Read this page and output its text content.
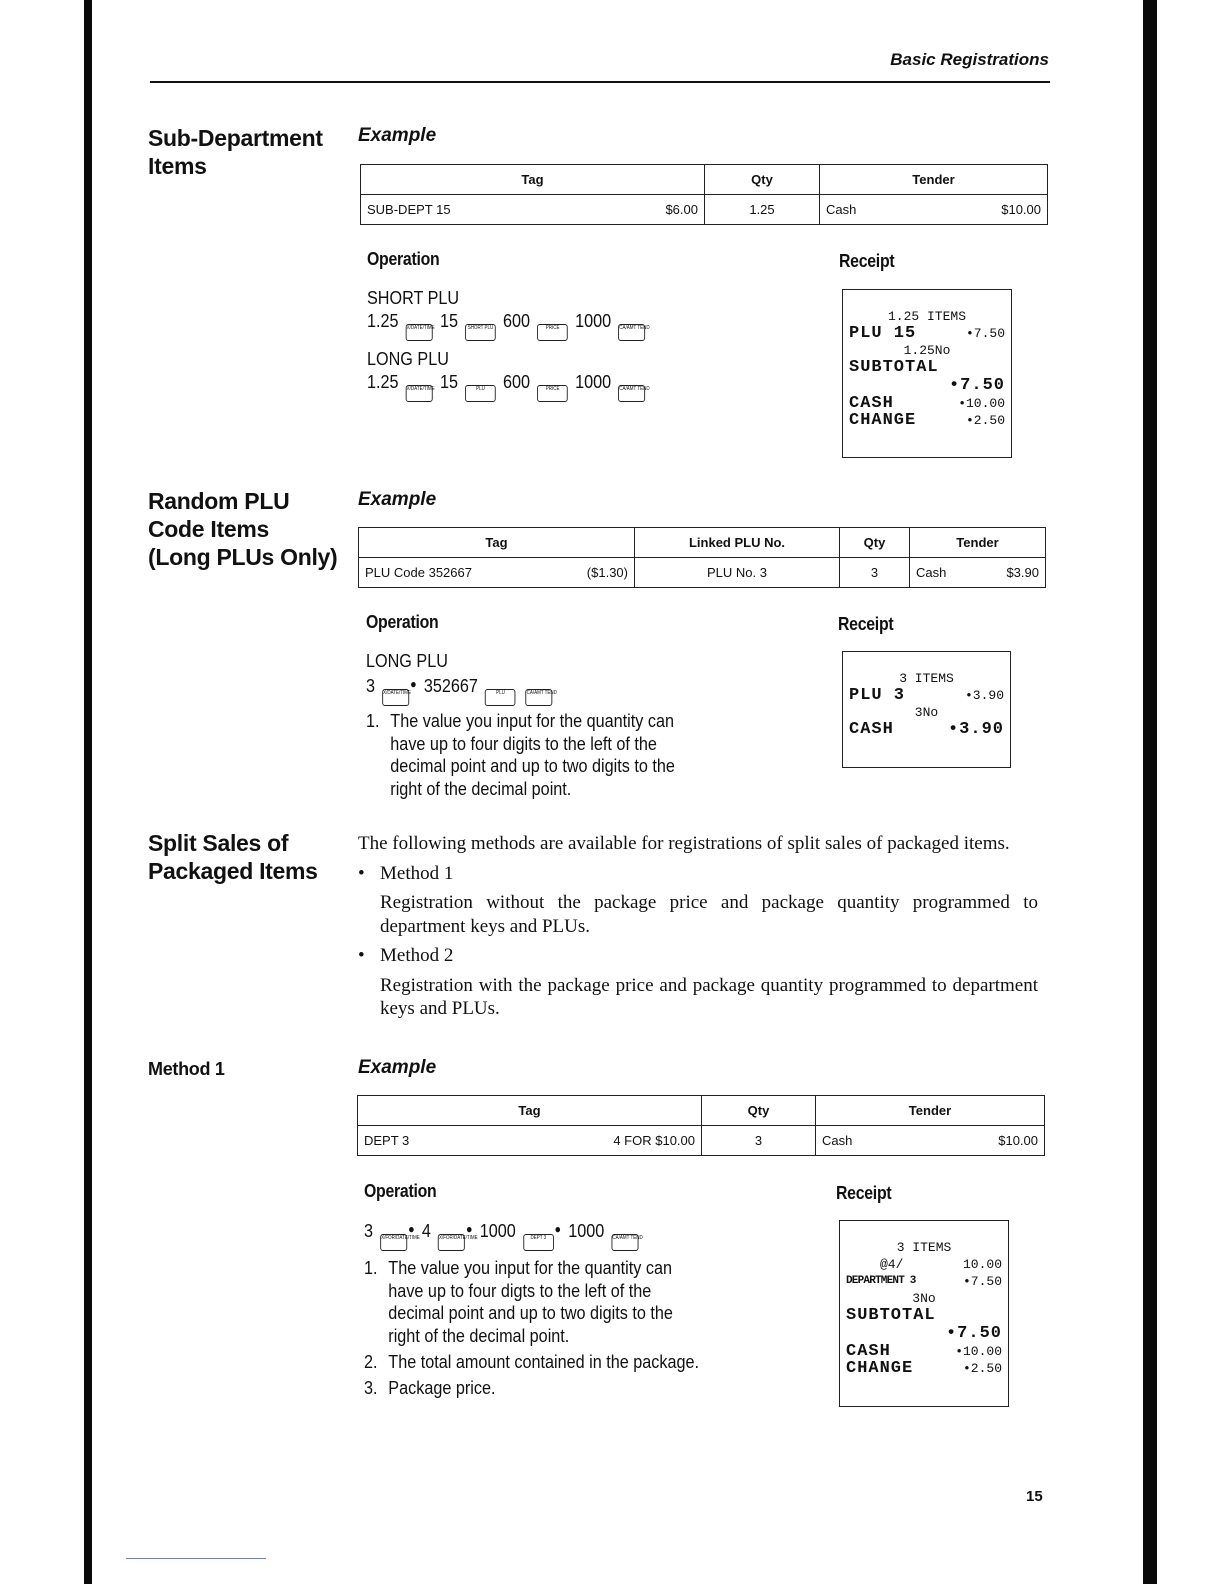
Basic Registrations
Sub-Department
Items
Example
Tag	Qty	Tender

SUB-DEPT 15 $6.00	1.25	Cash $10.00
Operation	Receipt
SHORT PLU
1.25 X/DATE/TIME 15 SHORT PLU 600	PRICE 1000 CA/AMT TEND
LONG PLU
1.25 X/DATE/TIME 15	PLU 600	PRICE 1000 CA/AMT TEND
1.25 ITEMS
PLU 15	•7.50
1.25No
SUBTOTAL
•7.50
CASH	•10.00
CHANGE	•2.50
Random PLU
Code Items
(Long PLUs Only)
Example
Tag	Linked PLU No.	Qty	Tender

PLU Code 352667 ($1.30)	PLU No. 3	3	Cash $3.90
Operation	Receipt
LONG PLU
3 X/DATE/TIME● 352667	PLU	CA/AMT TEND
1. The value you input for the quantity can have up to four digits to the left of the decimal point and up to two digits to the right of the decimal point.
3 ITEMS
PLU 3	•3.90
3No
CASH	•3.90
Split Sales of
Packaged Items
The following methods are available for registrations of split sales of packaged items.
• Method 1
Registration without the package price and package quantity programmed to department keys and PLUs.
• Method 2
Registration with the package price and package quantity programmed to department keys and PLUs.
Method 1	Example
Tag	Qty	Tender

DEPT 3 4 FOR $10.00	3	Cash $10.00
Operation	Receipt
3 X/FOR/DATE/TIME● 4 X/FOR/DATE/TIME● 1000	DEPT 3● 1000 CA/AMT TEND
1. The value you input for the quantity can have up to four digts to the left of the decimal point and up to two digits to the right of the decimal point.
2. The total amount contained in the package.
3. Package price.
3 ITEMS
@4/	10.00
DEPARTMENT 3	•7.50
3No
SUBTOTAL
•7.50
CASH	•10.00
CHANGE	•2.50
15
